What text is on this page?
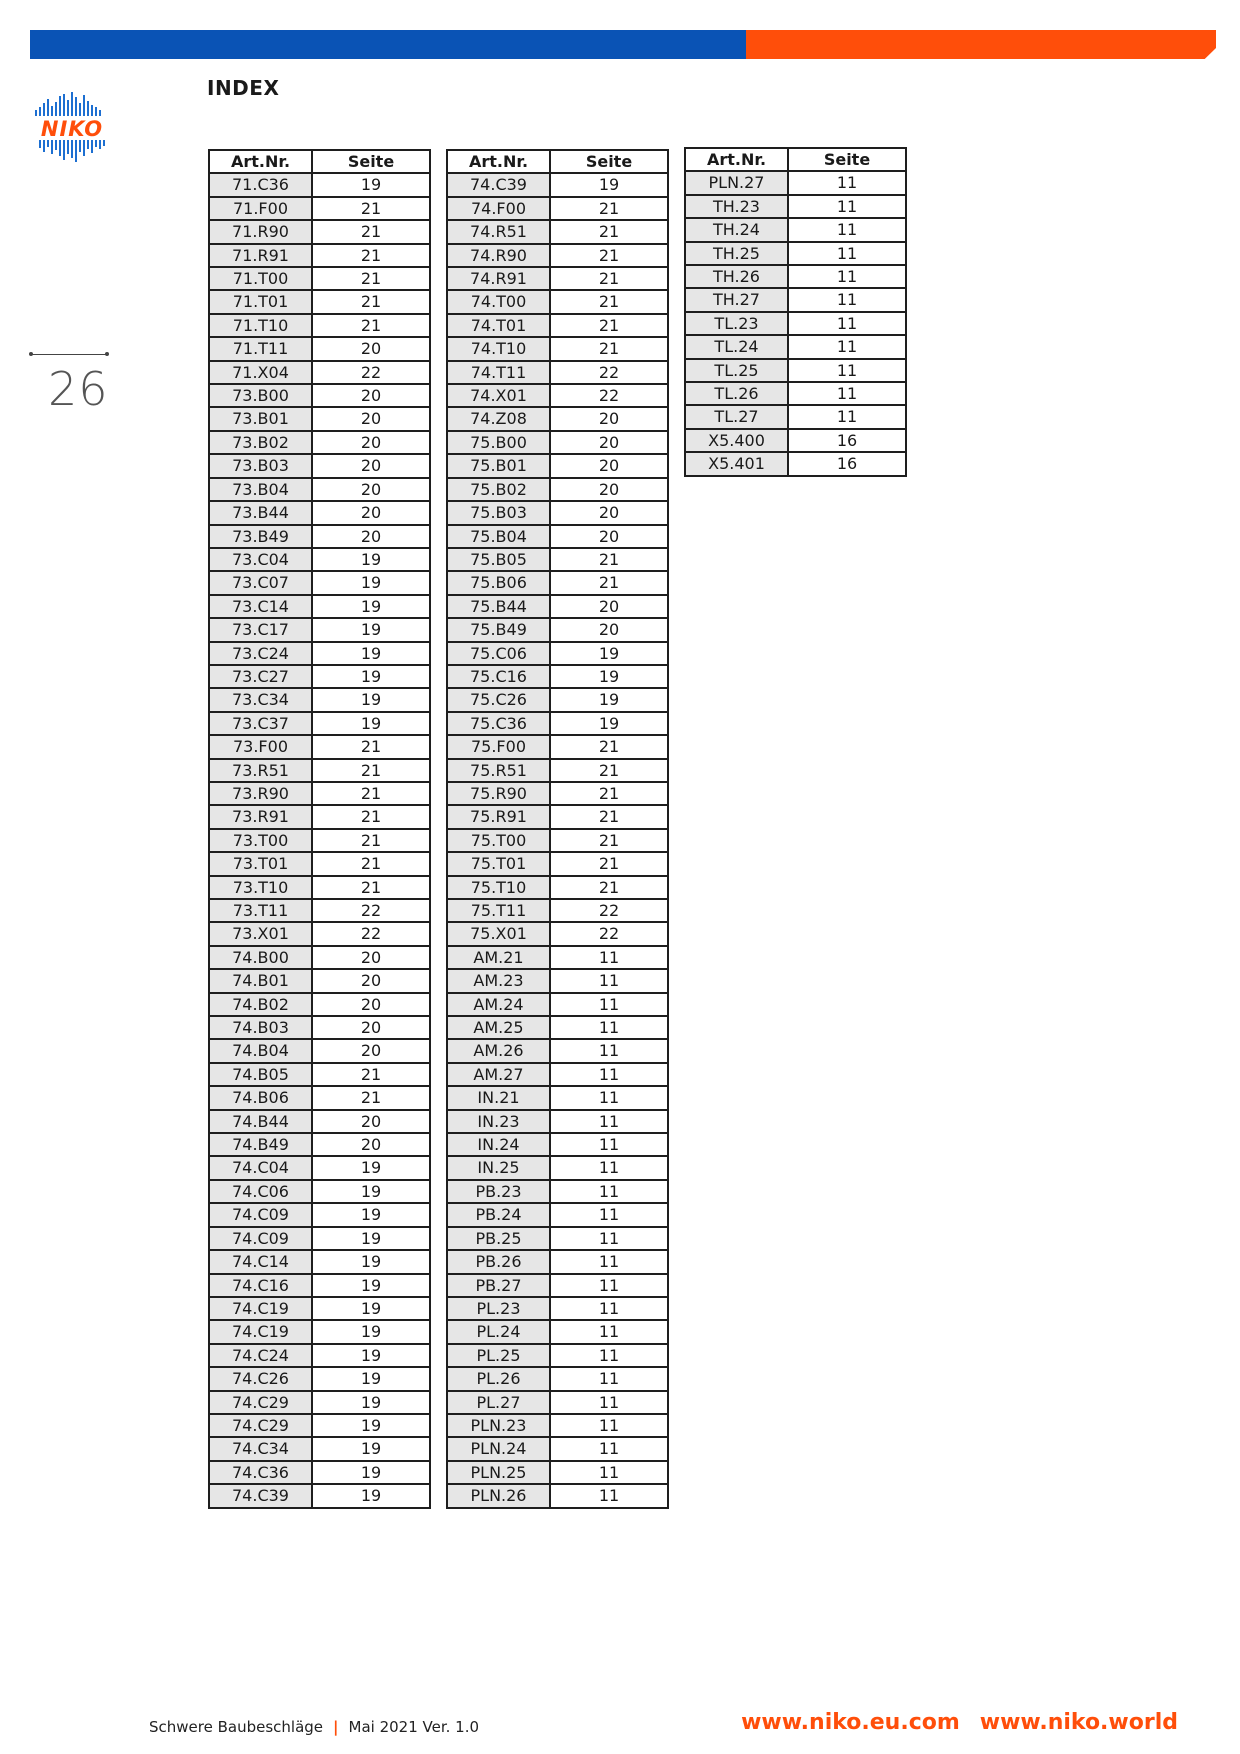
NIKO
INDEX
26
Art.Nr.	Seite
71.C36	19
71.F00	21
71.R90	21
71.R91	21
71.T00	21
71.T01	21
71.T10	21
71.T11	20
71.X04	22
73.B00	20
73.B01	20
73.B02	20
73.B03	20
73.B04	20
73.B44	20
73.B49	20
73.C04	19
73.C07	19
73.C14	19
73.C17	19
73.C24	19
73.C27	19
73.C34	19
73.C37	19
73.F00	21
73.R51	21
73.R90	21
73.R91	21
73.T00	21
73.T01	21
73.T10	21
73.T11	22
73.X01	22
74.B00	20
74.B01	20
74.B02	20
74.B03	20
74.B04	20
74.B05	21
74.B06	21
74.B44	20
74.B49	20
74.C04	19
74.C06	19
74.C09	19
74.C09	19
74.C14	19
74.C16	19
74.C19	19
74.C19	19
74.C24	19
74.C26	19
74.C29	19
74.C29	19
74.C34	19
74.C36	19
74.C39	19
Art.Nr.	Seite
74.C39	19
74.F00	21
74.R51	21
74.R90	21
74.R91	21
74.T00	21
74.T01	21
74.T10	21
74.T11	22
74.X01	22
74.Z08	20
75.B00	20
75.B01	20
75.B02	20
75.B03	20
75.B04	20
75.B05	21
75.B06	21
75.B44	20
75.B49	20
75.C06	19
75.C16	19
75.C26	19
75.C36	19
75.F00	21
75.R51	21
75.R90	21
75.R91	21
75.T00	21
75.T01	21
75.T10	21
75.T11	22
75.X01	22
AM.21	11
AM.23	11
AM.24	11
AM.25	11
AM.26	11
AM.27	11
IN.21	11
IN.23	11
IN.24	11
IN.25	11
PB.23	11
PB.24	11
PB.25	11
PB.26	11
PB.27	11
PL.23	11
PL.24	11
PL.25	11
PL.26	11
PL.27	11
PLN.23	11
PLN.24	11
PLN.25	11
PLN.26	11
Art.Nr.	Seite
PLN.27	11
TH.23	11
TH.24	11
TH.25	11
TH.26	11
TH.27	11
TL.23	11
TL.24	11
TL.25	11
TL.26	11
TL.27	11
X5.400	16
X5.401	16
Schwere Baubeschläge | Mai 2021 Ver. 1.0	www.niko.eu.com www.niko.world
